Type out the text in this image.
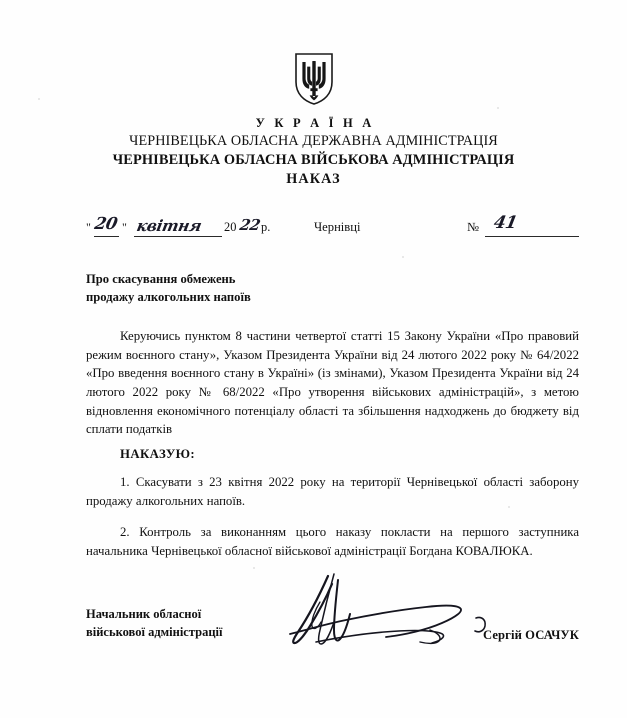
У К Р А Ї Н А
ЧЕРНІВЕЦЬКА ОБЛАСНА ДЕРЖАВНА АДМІНІСТРАЦІЯ
ЧЕРНІВЕЦЬКА ОБЛАСНА ВІЙСЬКОВА АДМІНІСТРАЦІЯ
НАКАЗ
" 20 " квітня 20 22 р.	Чернівці	№ 41
Про скасування обмежень
продажу алкогольних напоїв
Керуючись пунктом 8 частини четвертої статті 15 Закону України «Про правовий режим воєнного стану», Указом Президента України від 24 лютого 2022 року № 64/2022 «Про введення воєнного стану в Україні» (із змінами), Указом Президента України від 24 лютого 2022 року № 68/2022 «Про утворення військових адміністрацій», з метою відновлення економічного потенціалу області та збільшення надходжень до бюджету від сплати податків
НАКАЗУЮ:
1. Скасувати з 23 квітня 2022 року на території Чернівецької області заборону продажу алкогольних напоїв.
2. Контроль за виконанням цього наказу покласти на першого заступника начальника Чернівецької обласної військової адміністрації Богдана КОВАЛЮКА.
Начальник обласної
військової адміністрації	Сергій ОСАЧУК
